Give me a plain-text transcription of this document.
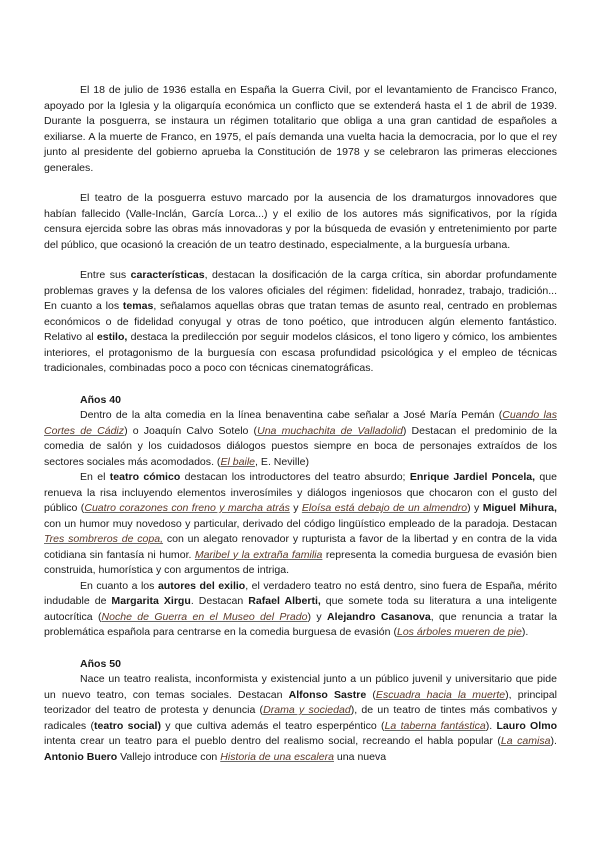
El 18 de julio de 1936 estalla en España la Guerra Civil, por el levantamiento de Francisco Franco, apoyado por la Iglesia y la oligarquía económica un conflicto que se extenderá hasta el 1 de abril de 1939. Durante la posguerra, se instaura un régimen totalitario que obliga a una gran cantidad de españoles a exiliarse. A la muerte de Franco, en 1975, el país demanda una vuelta hacia la democracia, por lo que el rey junto al presidente del gobierno aprueba la Constitución de 1978 y se celebraron las primeras elecciones generales.

El teatro de la posguerra estuvo marcado por la ausencia de los dramaturgos innovadores que habían fallecido (Valle-Inclán, García Lorca...) y el exilio de los autores más significativos, por la rígida censura ejercida sobre las obras más innovadoras y por la búsqueda de evasión y entretenimiento por parte del público, que ocasionó la creación de un teatro destinado, especialmente, a la burguesía urbana.

Entre sus características, destacan la dosificación de la carga crítica, sin abordar profundamente problemas graves y la defensa de los valores oficiales del régimen: fidelidad, honradez, trabajo, tradición... En cuanto a los temas, señalamos aquellas obras que tratan temas de asunto real, centrado en problemas económicos o de fidelidad conyugal y otras de tono poético, que introducen algún elemento fantástico. Relativo al estilo, destaca la predilección por seguir modelos clásicos, el tono ligero y cómico, los ambientes interiores, el protagonismo de la burguesía con escasa profundidad psicológica y el empleo de técnicas tradicionales, combinadas poco a poco con técnicas cinematográficas.

Años 40

Dentro de la alta comedia en la línea benaventina cabe señalar a José María Pemán (Cuando las Cortes de Cádiz) o Joaquín Calvo Sotelo (Una muchachita de Valladolid) Destacan el predominio de la comedia de salón y los cuidadosos diálogos puestos siempre en boca de personajes extraídos de los sectores sociales más acomodados. (El baile, E. Neville)

En el teatro cómico destacan los introductores del teatro absurdo; Enrique Jardiel Poncela, que renueva la risa incluyendo elementos inverosímiles y diálogos ingeniosos que chocaron con el gusto del público (Cuatro corazones con freno y marcha atrás y Eloísa está debajo de un almendro) y Miguel Mihura, con un humor muy novedoso y particular, derivado del código lingüístico empleado de la paradoja. Destacan Tres sombreros de copa, con un alegato renovador y rupturista a favor de la libertad y en contra de la vida cotidiana sin fantasía ni humor. Maribel y la extraña familia representa la comedia burguesa de evasión bien construida, humorística y con argumentos de intriga.

En cuanto a los autores del exilio, el verdadero teatro no está dentro, sino fuera de España, mérito indudable de Margarita Xirgu. Destacan Rafael Alberti, que somete toda su literatura a una inteligente autocrítica (Noche de Guerra en el Museo del Prado) y Alejandro Casanova, que renuncia a tratar la problemática española para centrarse en la comedia burguesa de evasión (Los árboles mueren de pie).

Años 50

Nace un teatro realista, inconformista y existencial junto a un público juvenil y universitario que pide un nuevo teatro, con temas sociales. Destacan Alfonso Sastre (Escuadra hacia la muerte), principal teorizador del teatro de protesta y denuncia (Drama y sociedad), de un teatro de tintes más combativos y radicales (teatro social) y que cultiva además el teatro esperpéntico (La taberna fantástica). Lauro Olmo intenta crear un teatro para el pueblo dentro del realismo social, recreando el habla popular (La camisa). Antonio Buero Vallejo introduce con Historia de una escalera una nueva
